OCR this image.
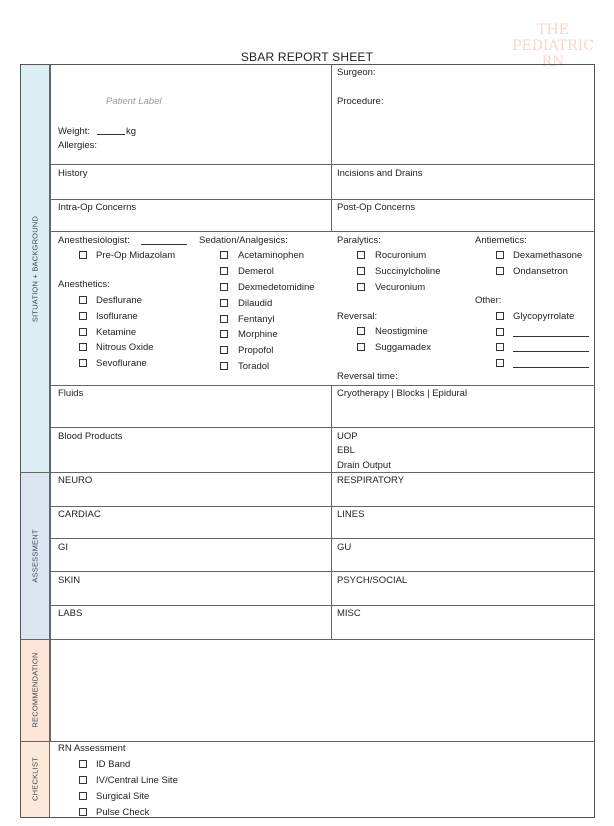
THE PEDIATRIC
RN
SBAR REPORT SHEET
SITUATION + BACKGROUND
ASSESSMENT
RECOMMENDATION
CHECKLIST
Patient Label
Weight:	kg
Allergies:
Surgeon:
Procedure:
History	Incisions and Drains
Intra-Op Concerns	Post-Op Concerns
Anesthesiologist:
Pre-Op Midazolam
Anesthetics:
Desflurane
Isoflurane
Ketamine
Nitrous Oxide
Sevoflurane
Sedation/Analgesics:
Acetaminophen
Demerol
Dexmedetomidine
Dilaudid
Fentanyl
Morphine
Propofol
Toradol
Paralytics:
Rocuronium
Succinylcholine
Vecuronium
Reversal:
Neostigmine
Suggamadex
Reversal time:
Antiemetics:
Dexamethasone
Ondansetron
Other:
Glycopyrrolate
Fluids	Cryotherapy | Blocks | Epidural
Blood Products	UOP
EBL
Drain Output
NEURO	RESPIRATORY
CARDIAC	LINES
GI	GU
SKIN	PSYCH/SOCIAL
LABS	MISC
RN Assessment
ID Band
IV/Central Line Site
Surgical Site
Pulse Check
